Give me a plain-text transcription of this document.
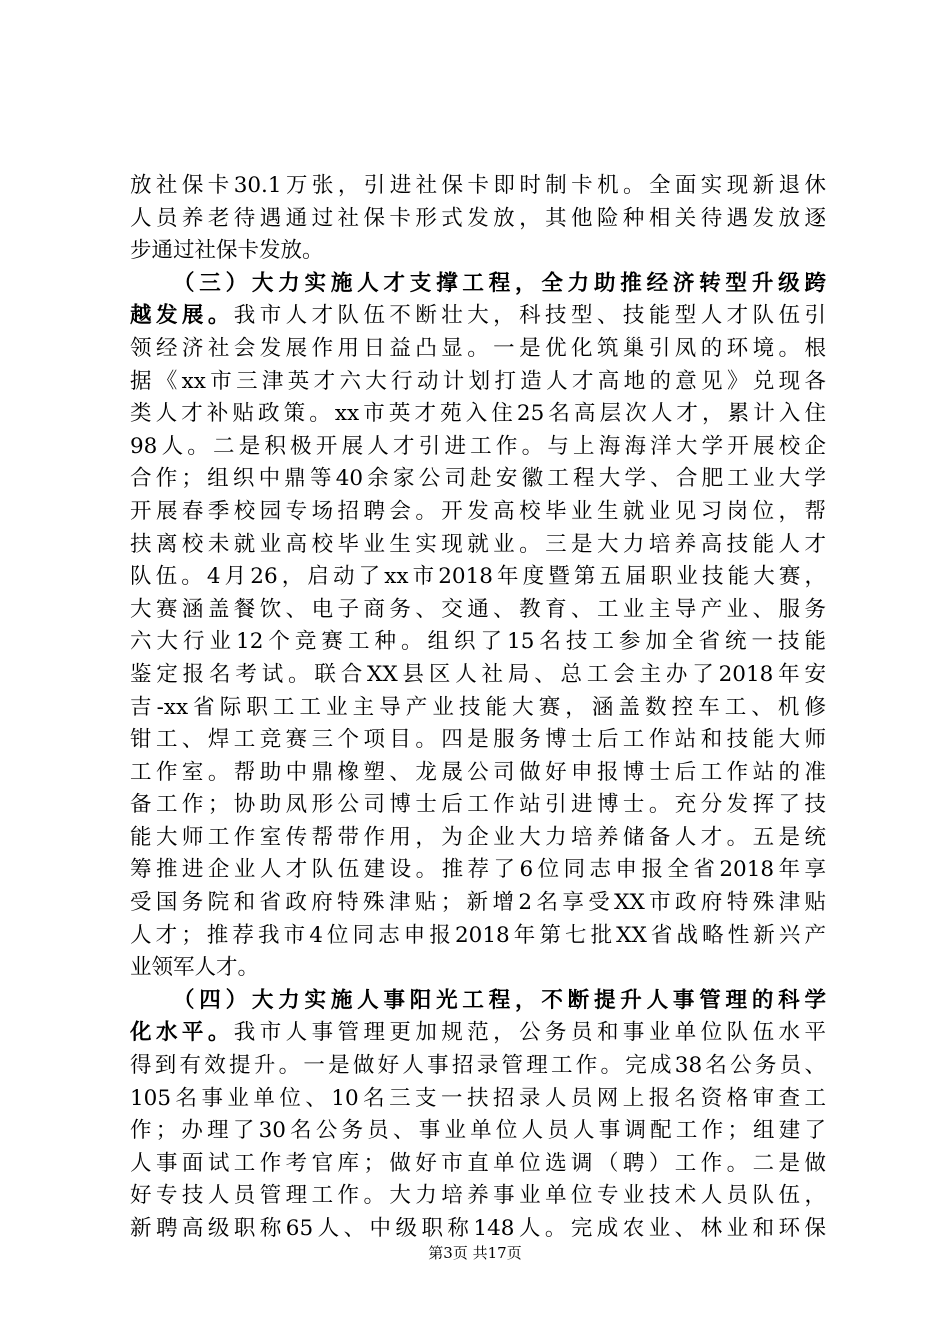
放社保卡30.1万张，引进社保卡即时制卡机。全面实现新退休
人员养老待遇通过社保卡形式发放，其他险种相关待遇发放逐
步通过社保卡发放。
（三）大力实施人才支撑工程，全力助推经济转型升级跨
越发展。我市人才队伍不断壮大，科技型、技能型人才队伍引
领经济社会发展作用日益凸显。一是优化筑巢引凤的环境。根
据《xx市三津英才六大行动计划打造人才高地的意见》兑现各
类人才补贴政策。xx市英才苑入住25名高层次人才，累计入住
98人。二是积极开展人才引进工作。与上海海洋大学开展校企
合作；组织中鼎等40余家公司赴安徽工程大学、合肥工业大学
开展春季校园专场招聘会。开发高校毕业生就业见习岗位，帮
扶离校未就业高校毕业生实现就业。三是大力培养高技能人才
队伍。4月26，启动了xx市2018年度暨第五届职业技能大赛，
大赛涵盖餐饮、电子商务、交通、教育、工业主导产业、服务
六大行业12个竞赛工种。组织了15名技工参加全省统一技能
鉴定报名考试。联合XX县区人社局、总工会主办了2018年安
吉-xx省际职工工业主导产业技能大赛，涵盖数控车工、机修
钳工、焊工竞赛三个项目。四是服务博士后工作站和技能大师
工作室。帮助中鼎橡塑、龙晟公司做好申报博士后工作站的准
备工作；协助凤形公司博士后工作站引进博士。充分发挥了技
能大师工作室传帮带作用，为企业大力培养储备人才。五是统
筹推进企业人才队伍建设。推荐了6位同志申报全省2018年享
受国务院和省政府特殊津贴；新增2名享受XX市政府特殊津贴
人才；推荐我市4位同志申报2018年第七批XX省战略性新兴产
业领军人才。
（四）大力实施人事阳光工程，不断提升人事管理的科学
化水平。我市人事管理更加规范，公务员和事业单位队伍水平
得到有效提升。一是做好人事招录管理工作。完成38名公务员、
105名事业单位、10名三支一扶招录人员网上报名资格审查工
作；办理了30名公务员、事业单位人员人事调配工作；组建了
人事面试工作考官库；做好市直单位选调（聘）工作。二是做
好专技人员管理工作。大力培养事业单位专业技术人员队伍，
新聘高级职称65人、中级职称148人。完成农业、林业和环保
第3页 共17页
